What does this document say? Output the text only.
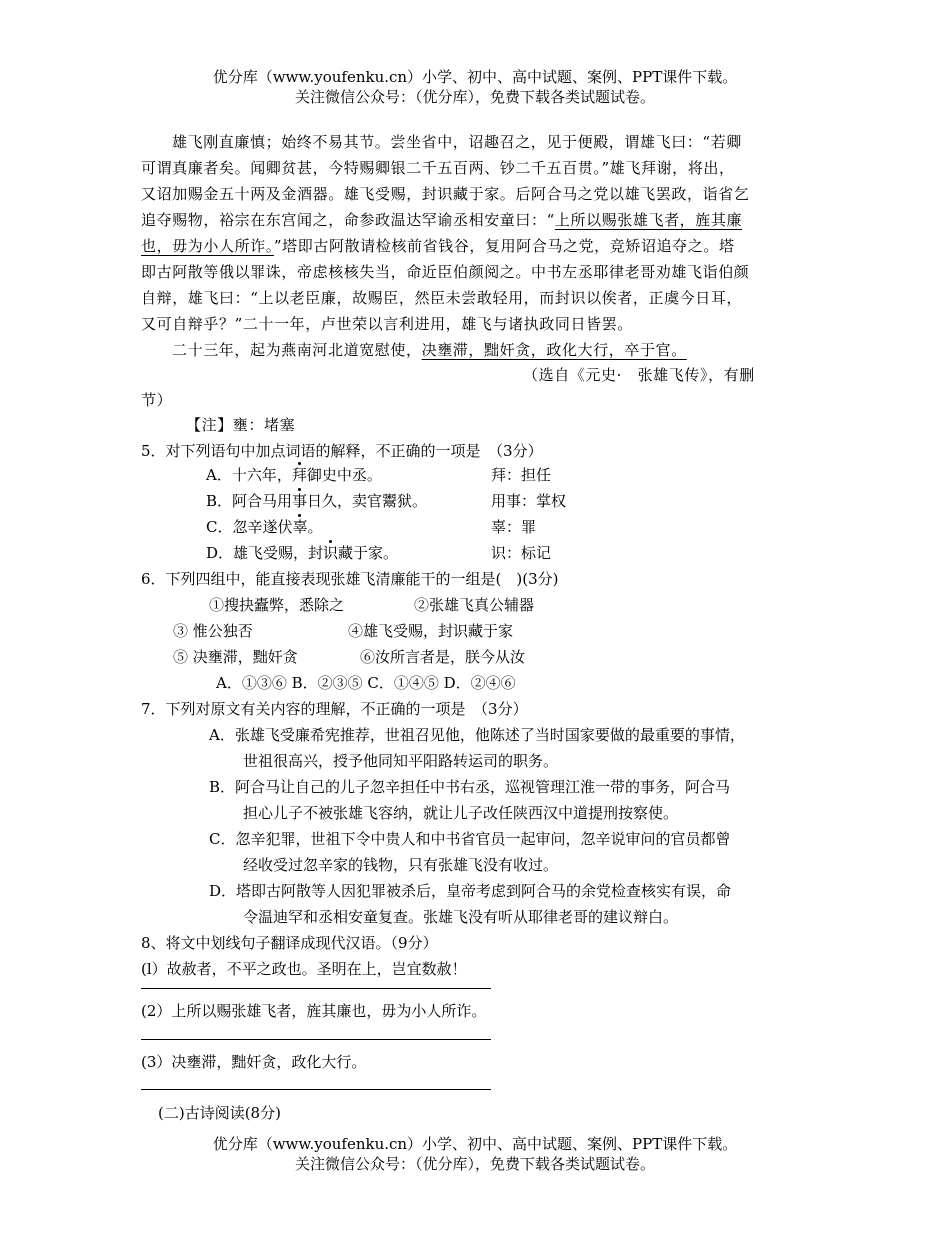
优分库（www.youfenku.cn）小学、初中、高中试题、案例、PPT课件下载。
关注微信公众号：（优分库），免费下载各类试题试卷。
雄飞刚直廉慎；始终不易其节。尝坐省中，诏趣召之，见于便殿，谓雄飞曰：“若卿
可谓真廉者矣。闻卿贫甚，今特赐卿银二千五百两、钞二千五百贯。”雄飞拜谢，将出，
又诏加赐金五十两及金酒器。雄飞受赐，封识藏于家。后阿合马之党以雄飞罢政，诣省乞
追夺赐物，裕宗在东宫闻之，命参政温达罕谕丞相安童曰：“上所以赐张雄飞者，旌其廉
也，毋为小人所诈。”塔即古阿散请检核前省钱谷，复用阿合马之党，竞矫诏追夺之。塔
即古阿散等俄以罪诛，帝虑核核失当，命近臣伯颜阅之。中书左丞耶律老哥劝雄飞诣伯颜
自辩，雄飞曰：“上以老臣廉，故赐臣，然臣未尝敢轻用，而封识以俟者，正虞今日耳，
又可自辩乎？”二十一年，卢世荣以言利进用，雄飞与诸执政同日皆罢。
二十三年，起为燕南河北道宽慰使，决壅滞，黜奸贪，政化大行，卒于官。
（选自《元史·　张雄飞传》，有删
节）
【注】壅：堵塞
5．对下列语句中加点词语的解释，不正确的一项是　（3分）
A．十六年，拜御史中丞。	拜：担任
B．阿合马用事日久，卖官鬻狱。	用事：掌权
C．忽辛遂伏辜。	辜：罪
D．雄飞受赐，封识藏于家。	识：标记
6．下列四组中，能直接表现张雄飞清廉能干的一组是(　)(3分)
①搜抉蠹弊，悉除之	②张雄飞真公辅器
③ 惟公独否	④雄飞受赐，封识藏于家
⑤ 决壅滞，黜奸贪	⑥汝所言者是，朕今从汝
A．①③⑥ B．②③⑤ C．①④⑤ D．②④⑥
7．下列对原文有关内容的理解，不正确的一项是　（3分）
A．张雄飞受廉希宪推荐，世祖召见他，他陈述了当时国家要做的最重要的事情，
世祖很高兴，授予他同知平阳路转运司的职务。
B．阿合马让自己的儿子忽辛担任中书右丞，巡视管理江淮一带的事务，阿合马
担心儿子不被张雄飞容纳，就让儿子改任陕西汉中道提刑按察使。
C．忽辛犯罪，世祖下令中贵人和中书省官员一起审问，忽辛说审问的官员都曾
经收受过忽辛家的钱物，只有张雄飞没有收过。
D．塔即古阿散等人因犯罪被杀后，皇帝考虑到阿合马的余党检查核实有误，命
令温迪罕和丞相安童复查。张雄飞没有听从耶律老哥的建议辩白。
8、将文中划线句子翻译成现代汉语。（9分）
(l）故赦者，不平之政也。圣明在上，岂宜数赦！
(2）上所以赐张雄飞者，旌其廉也，毋为小人所诈。
(3）决壅滞，黜奸贪，政化大行。
(二)古诗阅读(8分)
优分库（www.youfenku.cn）小学、初中、高中试题、案例、PPT课件下载。
关注微信公众号：（优分库），免费下载各类试题试卷。
